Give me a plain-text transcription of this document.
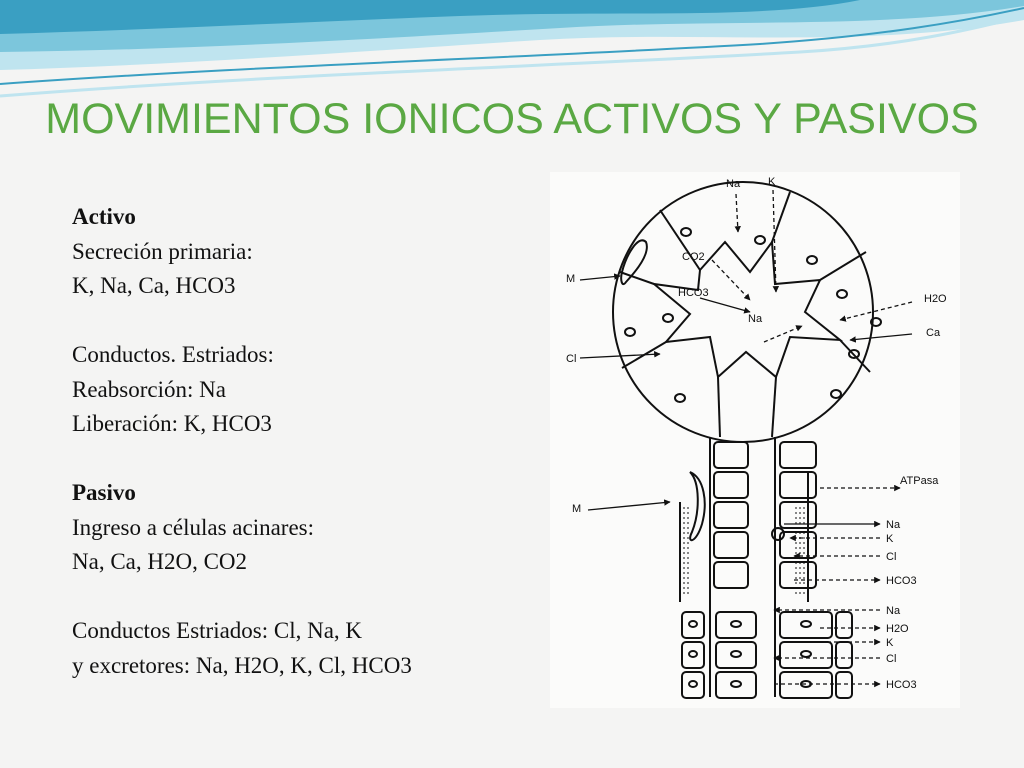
MOVIMIENTOS IONICOS ACTIVOS Y PASIVOS
Activo
Secreción primaria:
K, Na, Ca, HCO3
Conductos. Estriados:
Reabsorción: Na
Liberación: K, HCO3
Pasivo
Ingreso a células acinares:
Na, Ca, H2O, CO2
Conductos Estriados: Cl, Na, K
y excretores: Na, H2O, K, Cl, HCO3
Na	K
M
CO2
HCO3
Na
H2O
Ca
Cl
ATPasa
M
Na
K
Cl
HCO3
Na
H2O
K
Cl
HCO3
